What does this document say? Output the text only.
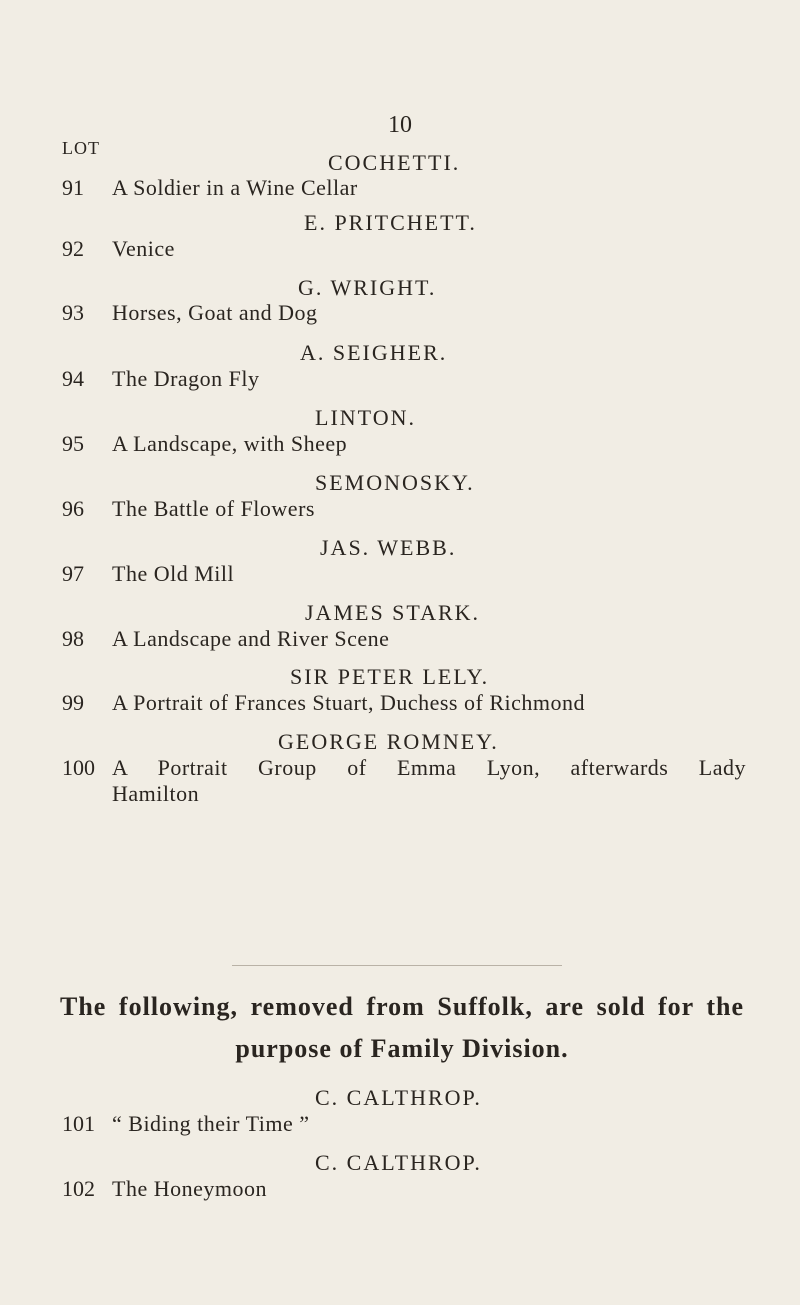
10
LOT
COCHETTI.
91 A Soldier in a Wine Cellar
E. PRITCHETT.
92 Venice
G. WRIGHT.
93 Horses, Goat and Dog
A. SEIGHER.
94 The Dragon Fly
LINTON.
95 A Landscape, with Sheep
SEMONOSKY.
96 The Battle of Flowers
JAS. WEBB.
97 The Old Mill
JAMES STARK.
98 A Landscape and River Scene
SIR PETER LELY.
99 A Portrait of Frances Stuart, Duchess of Richmond
GEORGE ROMNEY.
100 A Portrait Group of Emma Lyon, afterwards Lady
Hamilton
The following, removed from Suffolk, are sold for the
purpose of Family Division.
C. CALTHROP.
101 “ Biding their Time ”
C. CALTHROP.
102 The Honeymoon
